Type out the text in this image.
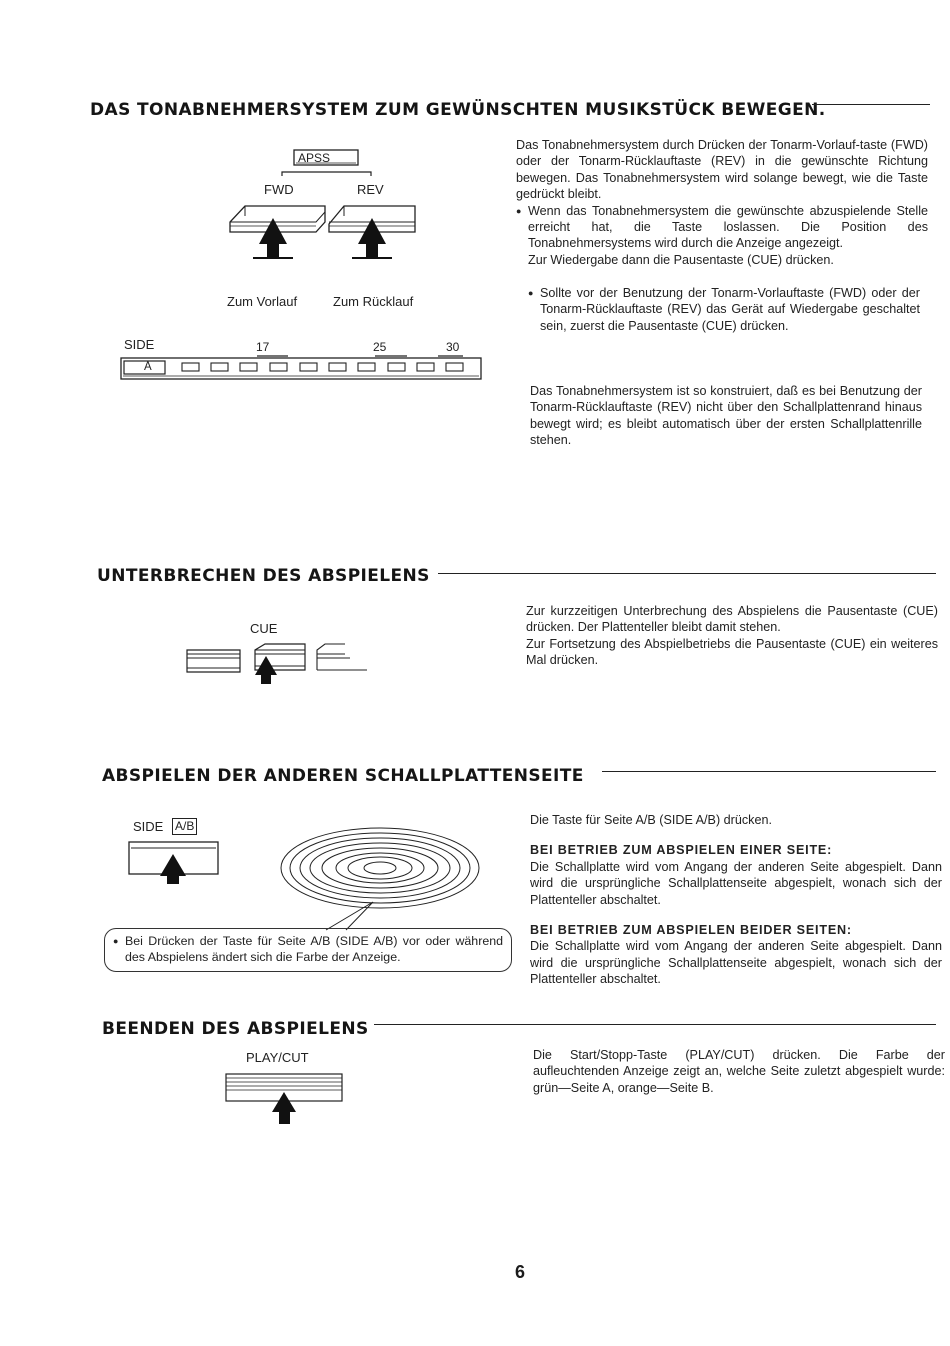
DAS TONABNEHMERSYSTEM ZUM GEWÜNSCHTEN MUSIKSTÜCK BEWEGEN.
APSS
FWD	REV
Zum Vorlauf	Zum Rücklauf
SIDE	17	25	30
A

Das Tonabnehmersystem durch Drücken der Tonarm-Vorlauf-taste (FWD) oder der Tonarm-Rücklauftaste (REV) in die gewünschte Richtung bewegen. Das Tonabnehmersystem wird solange bewegt, wie die Taste gedrückt bleibt.

● Wenn das Tonabnehmersystem die gewünschte abzuspielende Stelle erreicht hat, die Taste loslassen. Die Position des Tonabnehmersystems wird durch die Anzeige angezeigt.

Zur Wiedergabe dann die Pausentaste (CUE) drücken.

● Sollte vor der Benutzung der Tonarm-Vorlauftaste (FWD) oder der Tonarm-Rücklauftaste (REV) das Gerät auf Wiedergabe geschaltet sein, zuerst die Pausentaste (CUE) drücken.

Das Tonabnehmersystem ist so konstruiert, daß es bei Benutzung der Tonarm-Rücklauftaste (REV) nicht über den Schallplattenrand hinaus bewegt wird; es bleibt automatisch über der ersten Schallplattenrille stehen.

UNTERBRECHEN DES ABSPIELENS
CUE

Zur kurzzeitigen Unterbrechung des Abspielens die Pausentaste (CUE) drücken. Der Plattenteller bleibt damit stehen.

Zur Fortsetzung des Abspielbetriebs die Pausentaste (CUE) ein weiteres Mal drücken.

ABSPIELEN DER ANDEREN SCHALLPLATTENSEITE
SIDE A/B
● Bei Drücken der Taste für Seite A/B (SIDE A/B) vor oder während des Abspielens ändert sich die Farbe der Anzeige.

Die Taste für Seite A/B (SIDE A/B) drücken.

BEI BETRIEB ZUM ABSPIELEN EINER SEITE:

Die Schallplatte wird vom Angang der anderen Seite abgespielt. Dann wird die ursprüngliche Schallplattenseite abgespielt, wonach sich der Plattenteller abschaltet.

BEI BETRIEB ZUM ABSPIELEN BEIDER SEITEN:

Die Schallplatte wird vom Angang der anderen Seite abgespielt. Dann wird die ursprüngliche Schallplattenseite abgespielt, wonach sich der Plattenteller abschaltet.

BEENDEN DES ABSPIELENS
PLAY/CUT	Die Start/Stopp-Taste (PLAY/CUT) drücken. Die Farbe der aufleuchtenden Anzeige zeigt an, welche Seite zuletzt abgespielt wurde: grün—Seite A, orange—Seite B.

6
